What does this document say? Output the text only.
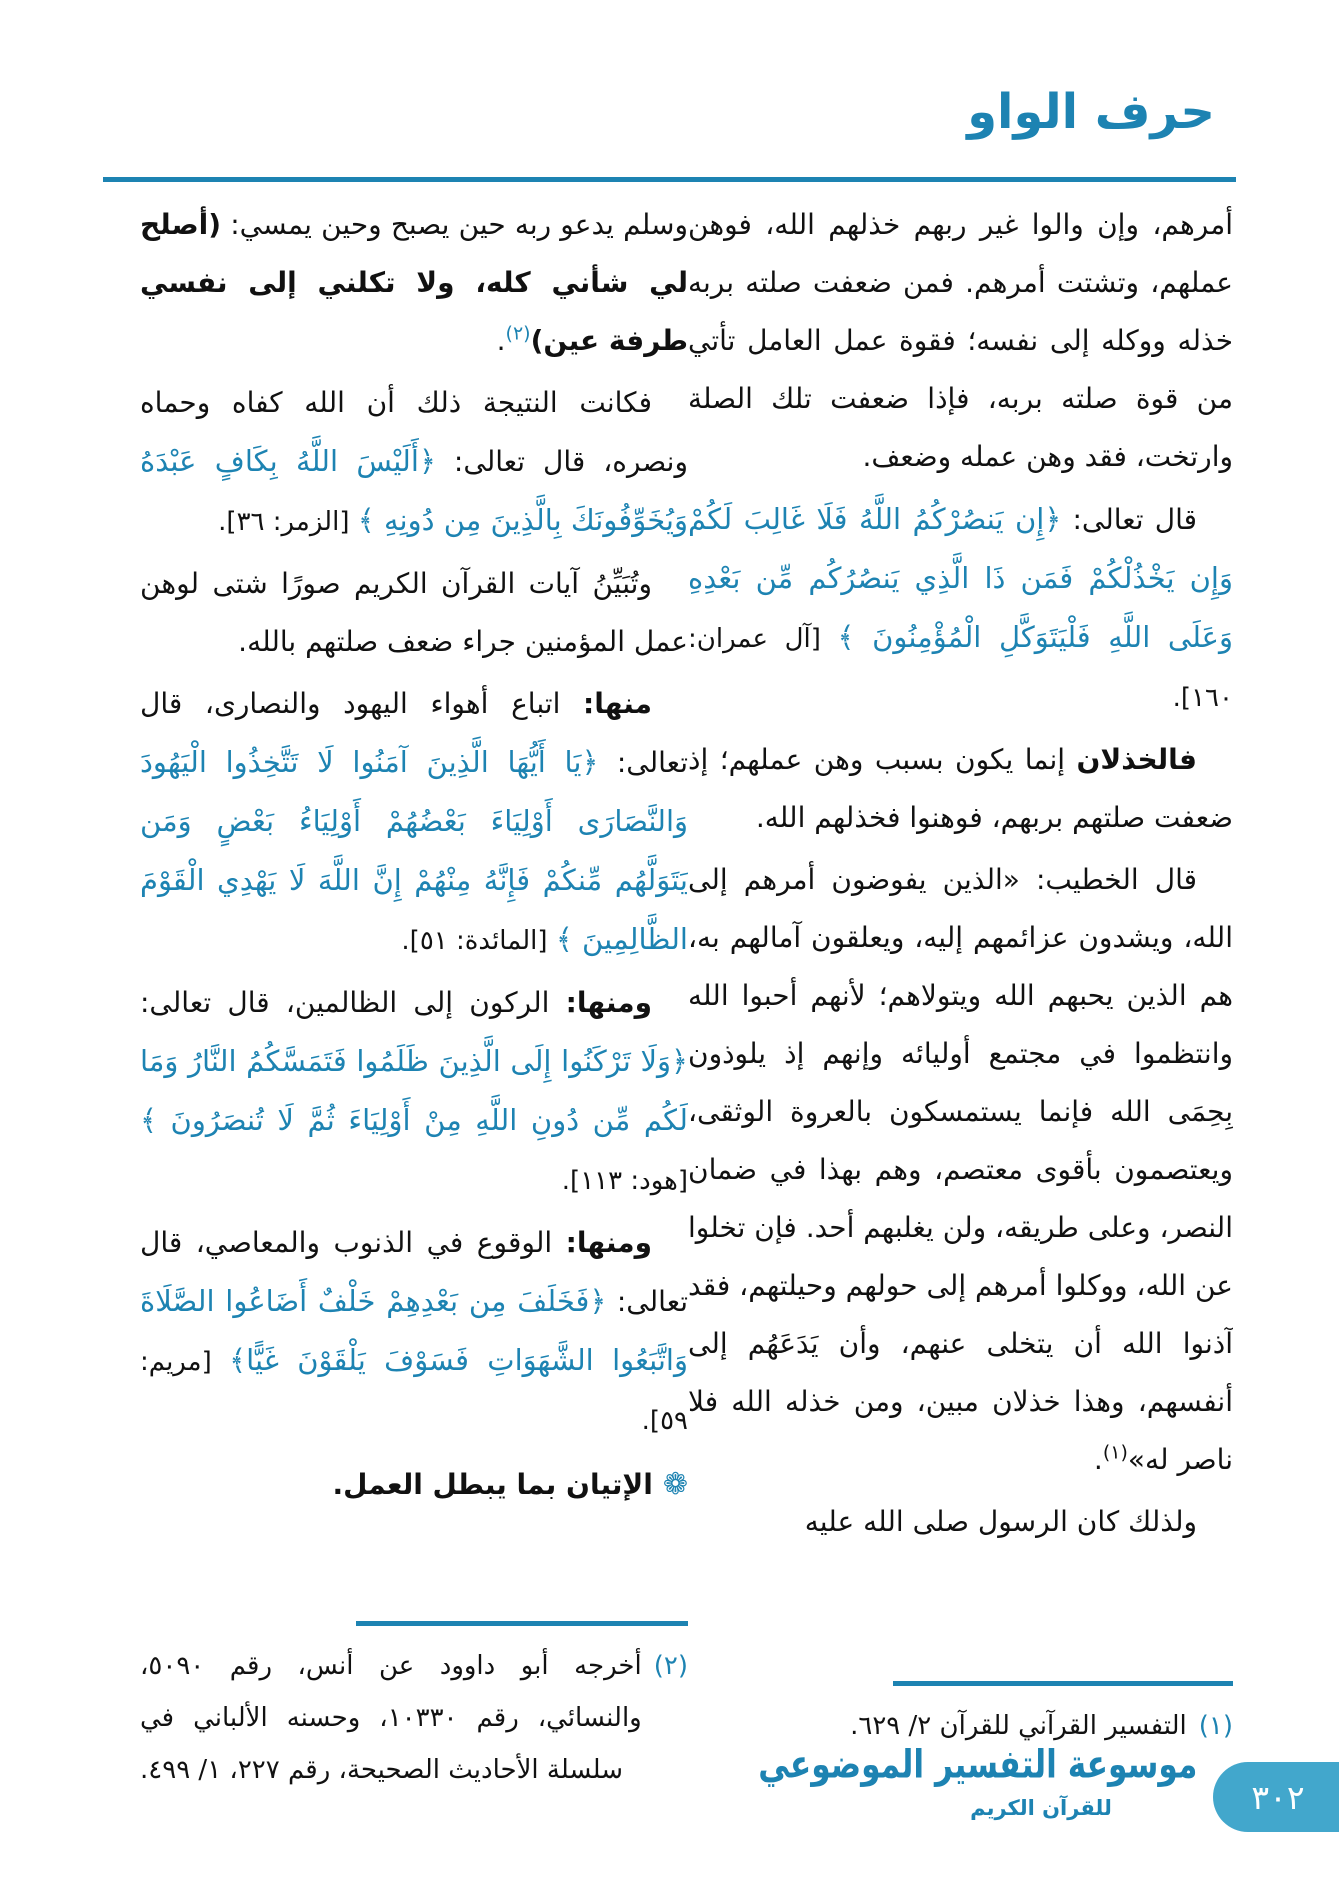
حرف الواو

أمرهم، وإن والوا غير ربهم خذلهم الله، فوهن عملهم، وتشتت أمرهم. فمن ضعفت صلته بربه خذله ووكله إلى نفسه؛ فقوة عمل العامل تأتي من قوة صلته بربه، فإذا ضعفت تلك الصلة وارتخت، فقد وهن عمله وضعف.

قال تعالى: ﴿إِن يَنصُرْكُمُ اللَّهُ فَلَا غَالِبَ لَكُمْ وَإِن يَخْذُلْكُمْ فَمَن ذَا الَّذِي يَنصُرُكُم مِّن بَعْدِهِ وَعَلَى اللَّهِ فَلْيَتَوَكَّلِ الْمُؤْمِنُونَ ﴾ [آل عمران: ١٦٠].

فالخذلان إنما يكون بسبب وهن عملهم؛ إذ ضعفت صلتهم بربهم، فوهنوا فخذلهم الله.

قال الخطيب: «الذين يفوضون أمرهم إلى الله، ويشدون عزائمهم إليه، ويعلقون آمالهم به، هم الذين يحبهم الله ويتولاهم؛ لأنهم أحبوا الله وانتظموا في مجتمع أوليائه وإنهم إذ يلوذون بِحِمَى الله فإنما يستمسكون بالعروة الوثقى، ويعتصمون بأقوى معتصم، وهم بهذا في ضمان النصر، وعلى طريقه، ولن يغلبهم أحد. فإن تخلوا عن الله، ووكلوا أمرهم إلى حولهم وحيلتهم، فقد آذنوا الله أن يتخلى عنهم، وأن يَدَعَهُم إلى أنفسهم، وهذا خذلان مبين، ومن خذله الله فلا ناصر له»$^{(١)}$.

ولذلك كان الرسول صلى الله عليه

(١)
التفسير القرآني للقرآن ٢/ ٦٢٩.

وسلم يدعو ربه حين يصبح وحين يمسي: (أصلح لي شأني كله، ولا تكلني إلى نفسي طرفة عين)$^{(٢)}$.

فكانت النتيجة ذلك أن الله كفاه وحماه ونصره، قال تعالى: ﴿أَلَيْسَ اللَّهُ بِكَافٍ عَبْدَهُ وَيُخَوِّفُونَكَ بِالَّذِينَ مِن دُونِهِ ﴾ [الزمر: ٣٦].

وتُبَيِّنُ آيات القرآن الكريم صورًا شتى لوهن عمل المؤمنين جراء ضعف صلتهم بالله.

منها: اتباع أهواء اليهود والنصارى، قال تعالى: ﴿يَا أَيُّهَا الَّذِينَ آمَنُوا لَا تَتَّخِذُوا الْيَهُودَ وَالنَّصَارَى أَوْلِيَاءَ بَعْضُهُمْ أَوْلِيَاءُ بَعْضٍ وَمَن يَتَوَلَّهُم مِّنكُمْ فَإِنَّهُ مِنْهُمْ إِنَّ اللَّهَ لَا يَهْدِي الْقَوْمَ الظَّالِمِينَ ﴾ [المائدة: ٥١].

ومنها: الركون إلى الظالمين، قال تعالى: ﴿وَلَا تَرْكَنُوا إِلَى الَّذِينَ ظَلَمُوا فَتَمَسَّكُمُ النَّارُ وَمَا لَكُم مِّن دُونِ اللَّهِ مِنْ أَوْلِيَاءَ ثُمَّ لَا تُنصَرُونَ ﴾ [هود: ١١٣].

ومنها: الوقوع في الذنوب والمعاصي، قال تعالى: ﴿فَخَلَفَ مِن بَعْدِهِمْ خَلْفٌ أَضَاعُوا الصَّلَاةَ وَاتَّبَعُوا الشَّهَوَاتِ فَسَوْفَ يَلْقَوْنَ غَيًّا﴾ [مريم: ٥٩].

❁الإتيان بما يبطل العمل.

(٢)
أخرجه أبو داوود عن أنس، رقم ٥٠٩٠، والنسائي، رقم ١٠٣٣٠، وحسنه الألباني في سلسلة الأحاديث الصحيحة، رقم ٢٢٧، ١/ ٤٩٩.	موسوعة التفسير الموضوعي
للقرآن الكريم	٣٠٢
